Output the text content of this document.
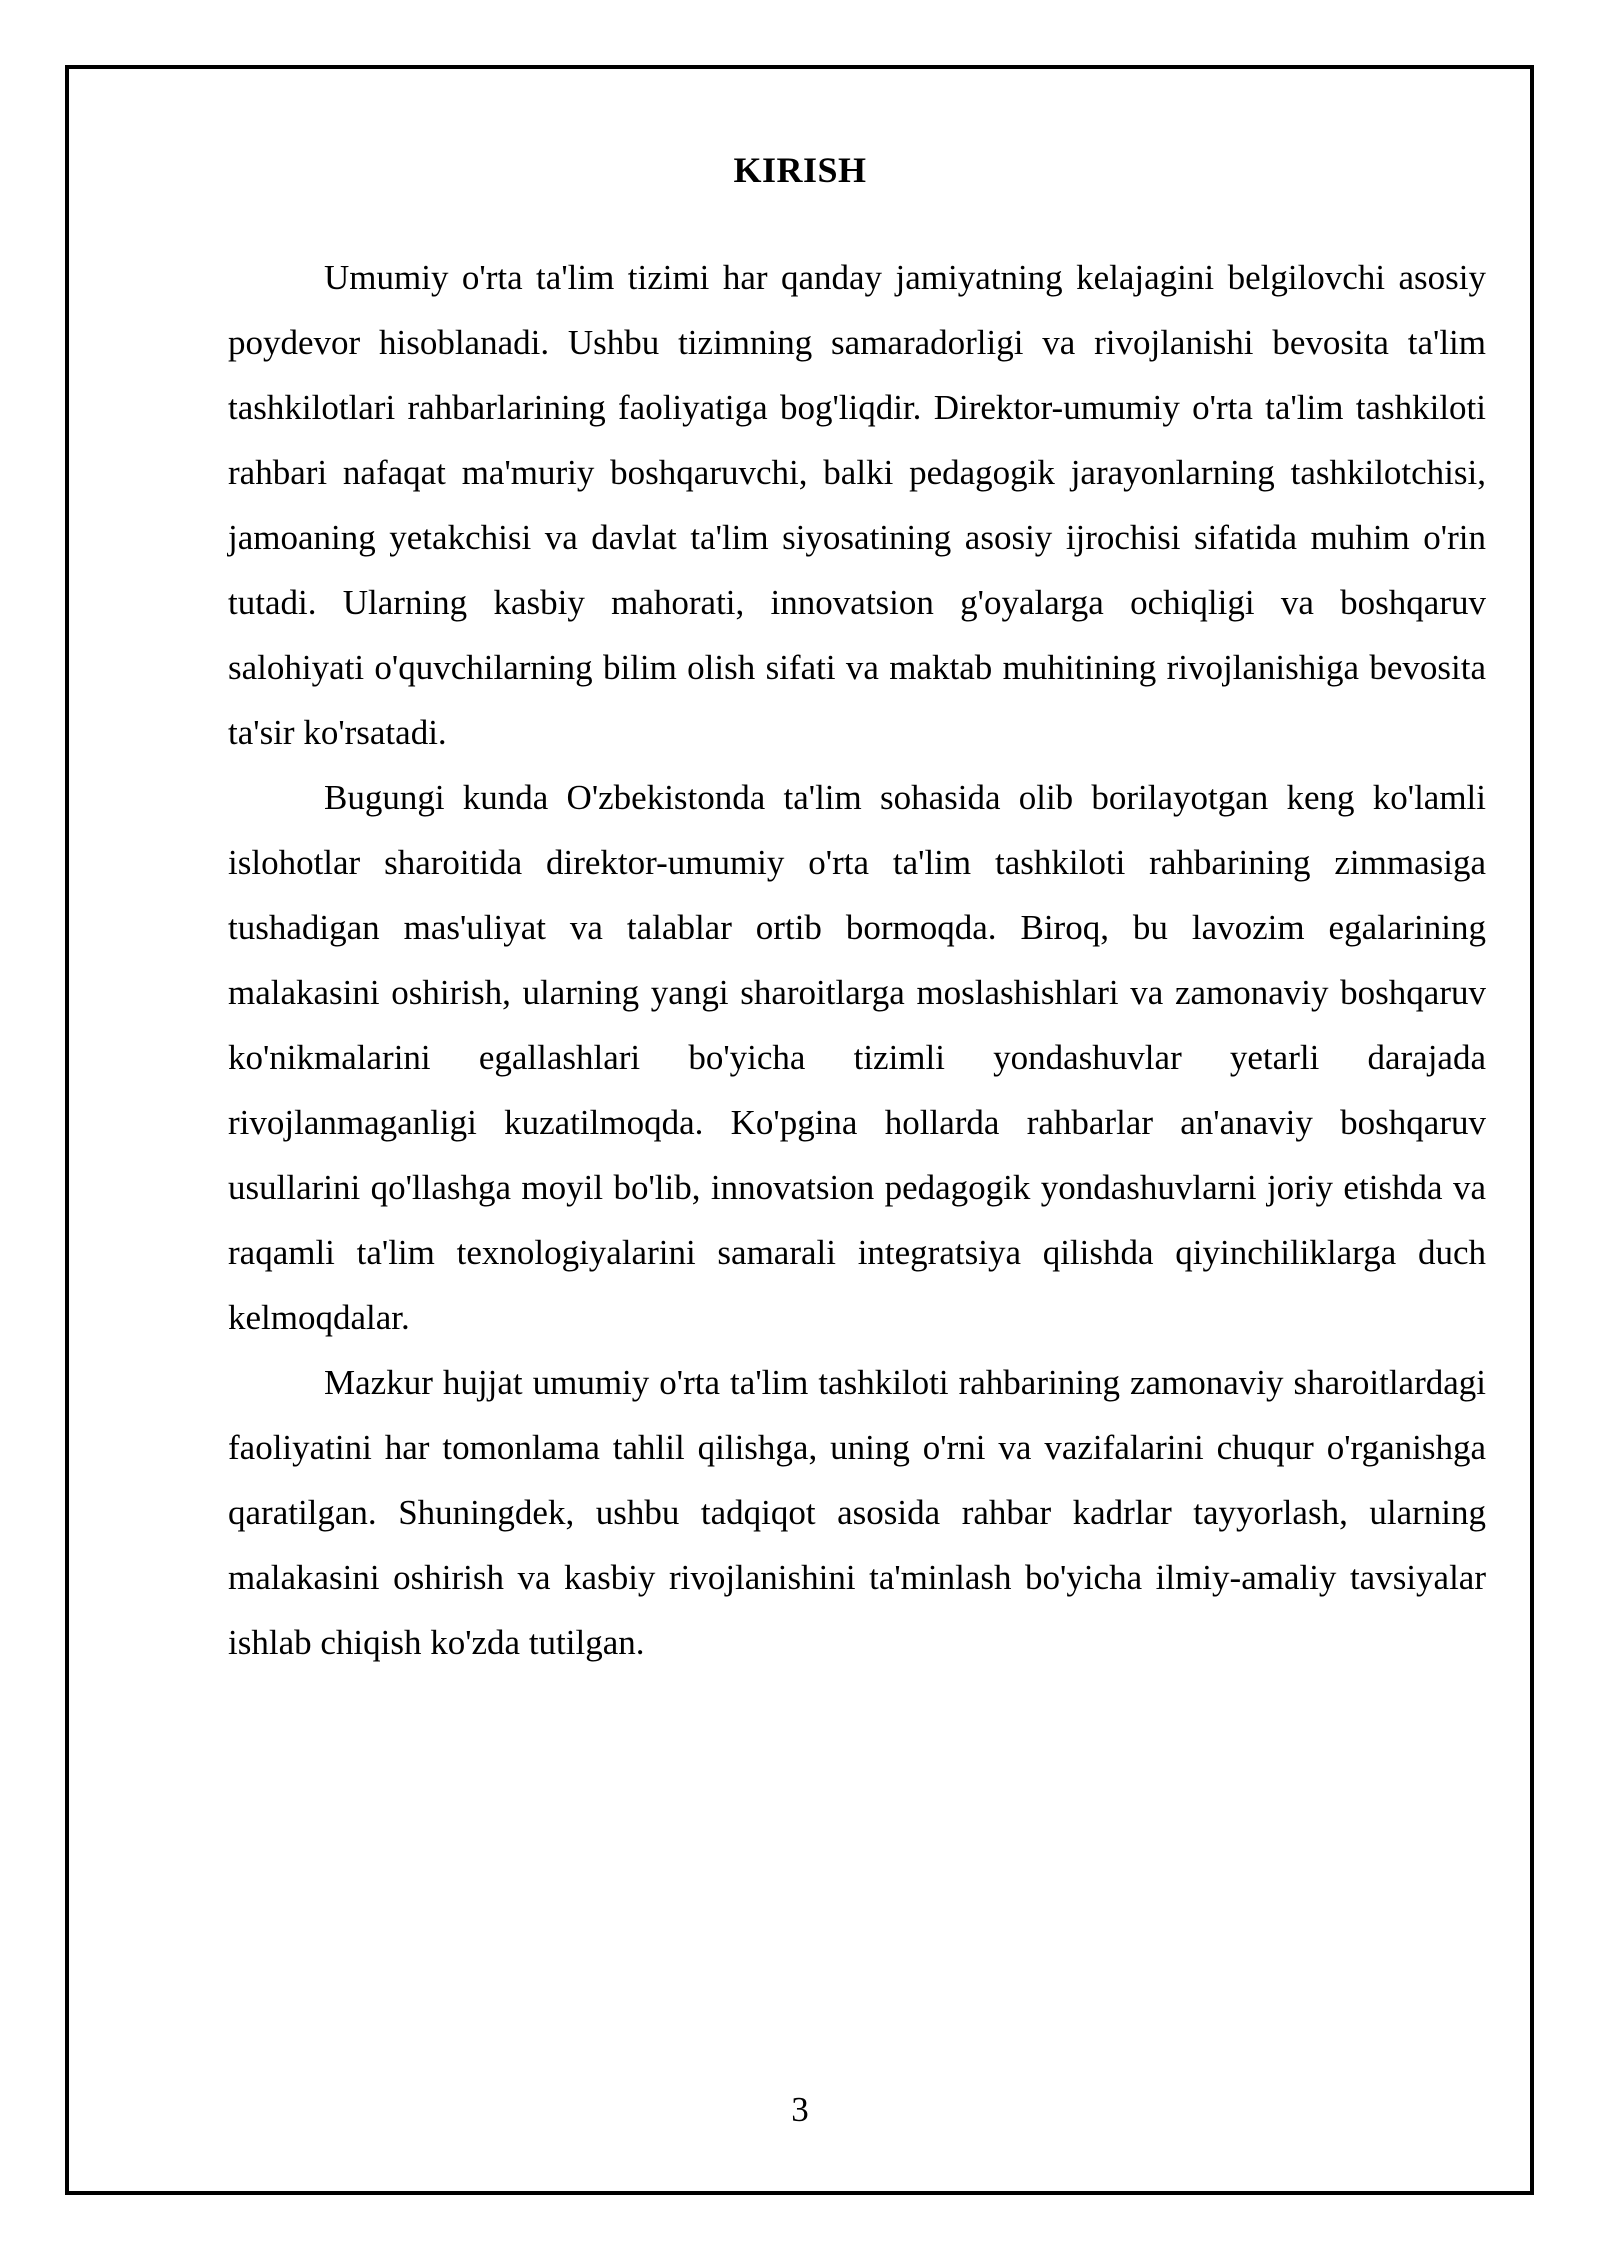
KIRISH

Umumiy o'rta ta'lim tizimi har qanday jamiyatning kelajagini belgilovchi asosiy poydevor hisoblanadi. Ushbu tizimning samaradorligi va rivojlanishi bevosita ta'lim tashkilotlari rahbarlarining faoliyatiga bog'liqdir. Direktor-umumiy o'rta ta'lim tashkiloti rahbari nafaqat ma'muriy boshqaruvchi, balki pedagogik jarayonlarning tashkilotchisi, jamoaning yetakchisi va davlat ta'lim siyosatining asosiy ijrochisi sifatida muhim o'rin tutadi. Ularning kasbiy mahorati, innovatsion g'oyalarga ochiqligi va boshqaruv salohiyati o'quvchilarning bilim olish sifati va maktab muhitining rivojlanishiga bevosita ta'sir ko'rsatadi.

Bugungi kunda O'zbekistonda ta'lim sohasida olib borilayotgan keng ko'lamli islohotlar sharoitida direktor-umumiy o'rta ta'lim tashkiloti rahbarining zimmasiga tushadigan mas'uliyat va talablar ortib bormoqda. Biroq, bu lavozim egalarining malakasini oshirish, ularning yangi sharoitlarga moslashishlari va zamonaviy boshqaruv ko'nikmalarini egallashlari bo'yicha tizimli yondashuvlar yetarli darajada rivojlanmaganligi kuzatilmoqda. Ko'pgina hollarda rahbarlar an'anaviy boshqaruv usullarini qo'llashga moyil bo'lib, innovatsion pedagogik yondashuvlarni joriy etishda va raqamli ta'lim texnologiyalarini samarali integratsiya qilishda qiyinchiliklarga duch kelmoqdalar.

Mazkur hujjat umumiy o'rta ta'lim tashkiloti rahbarining zamonaviy sharoitlardagi faoliyatini har tomonlama tahlil qilishga, uning o'rni va vazifalarini chuqur o'rganishga qaratilgan. Shuningdek, ushbu tadqiqot asosida rahbar kadrlar tayyorlash, ularning malakasini oshirish va kasbiy rivojlanishini ta'minlash bo'yicha ilmiy-amaliy tavsiyalar ishlab chiqish ko'zda tutilgan.

3
